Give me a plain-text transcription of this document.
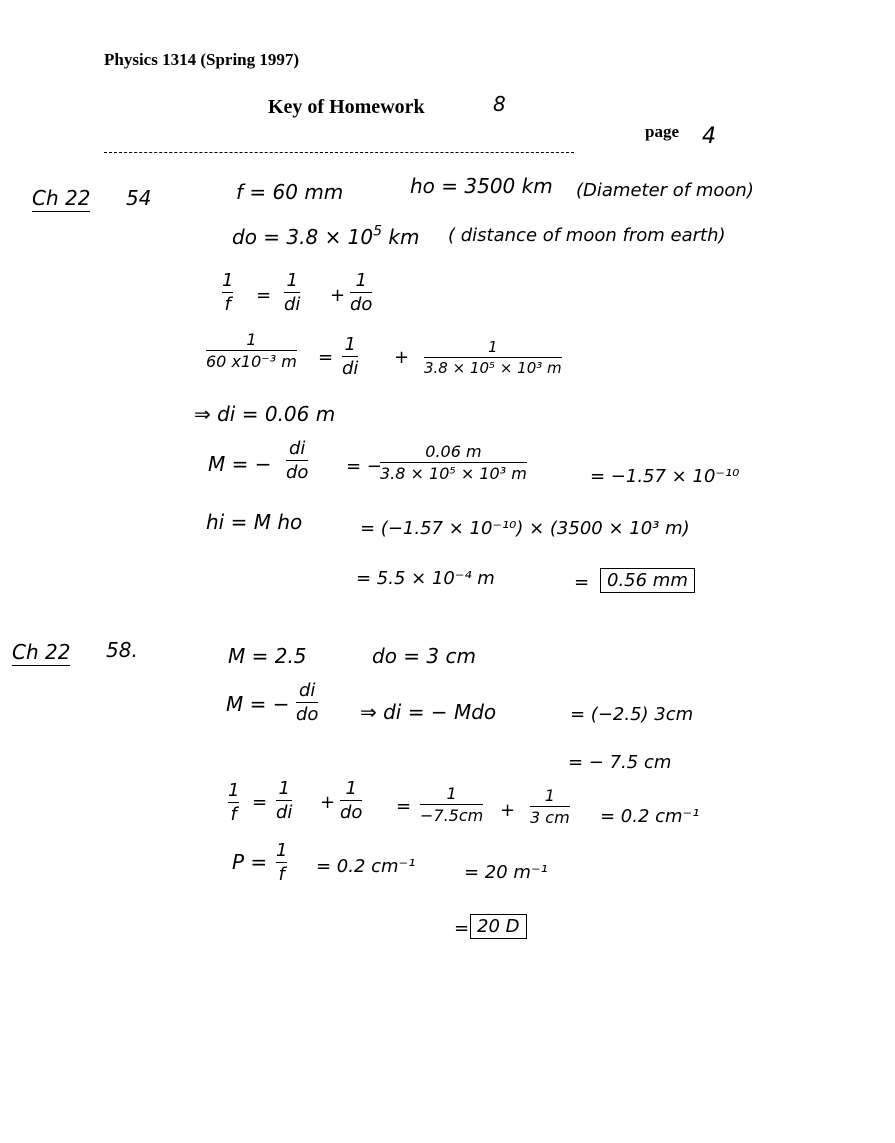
Physics 1314 (Spring 1997)
Key of Homework	8
page 4
Ch 22 54	f = 60 mm	ho = 3500 km (Diameter of moon)
do = $3.8 \times 10^5$ km ( distance of moon from earth)
1
f =
1
di +
1
do
1
60 x10⁻³ m =
1
di
+	1
3.8 × 10⁵ × 10³ m
⇒ di = 0.06 m
M = −
di
do = −
0.06 m
3.8 × 10⁵ × 10³ m	= −1.57 × 10⁻¹⁰
hi = M ho	= (−1.57 × 10⁻¹⁰) × (3500 × 10³ m)
= 5.5 × 10⁻⁴ m	= 0.56 mm
Ch 22 58.	M = 2.5	do = 3 cm
M = −
di
do ⇒ di = − Mdo	= (−2.5) 3cm
= − 7.5 cm
1
f
=
1
di +
1
do =
1
−7.5cm +
1
3 cm = 0.2 cm⁻¹
P = 1
f = 0.2 cm⁻¹	= 20 m⁻¹
= 20 D
